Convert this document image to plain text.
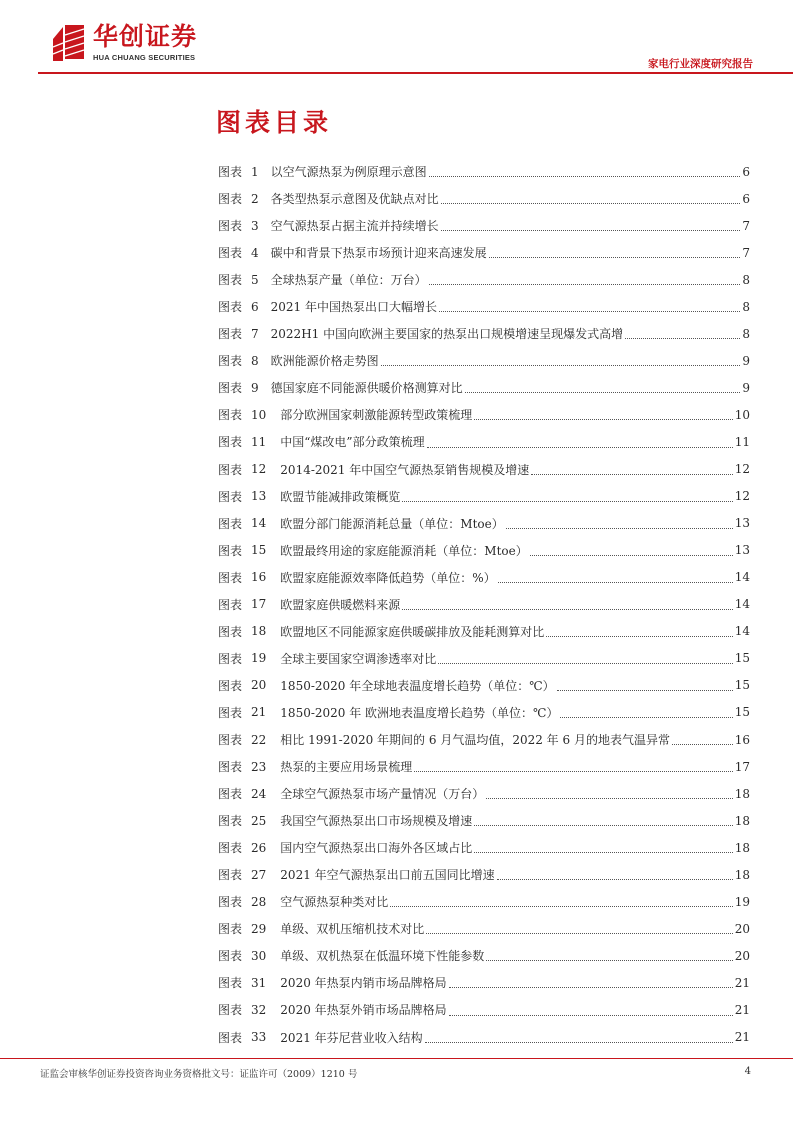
华创证券
HUA CHUANG SECURITIES
家电行业深度研究报告
图表目录
图表 1 以空气源热泵为例原理示意图	6
图表 2 各类型热泵示意图及优缺点对比	6
图表 3 空气源热泵占据主流并持续增长	7
图表 4 碳中和背景下热泵市场预计迎来高速发展	7
图表 5 全球热泵产量（单位：万台）	8
图表 6 2021 年中国热泵出口大幅增长	8
图表 7 2022H1 中国向欧洲主要国家的热泵出口规模增速呈现爆发式高增	8
图表 8 欧洲能源价格走势图	9
图表 9 德国家庭不同能源供暖价格测算对比	9
图表 10 部分欧洲国家刺激能源转型政策梳理	10
图表 11 中国“煤改电”部分政策梳理	11
图表 12 2014-2021 年中国空气源热泵销售规模及增速	12
图表 13 欧盟节能减排政策概览	12
图表 14 欧盟分部门能源消耗总量（单位：Mtoe）	13
图表 15 欧盟最终用途的家庭能源消耗（单位：Mtoe）	13
图表 16 欧盟家庭能源效率降低趋势（单位：%）	14
图表 17 欧盟家庭供暖燃料来源	14
图表 18 欧盟地区不同能源家庭供暖碳排放及能耗测算对比	14
图表 19 全球主要国家空调渗透率对比	15
图表 20 1850-2020 年全球地表温度增长趋势（单位：℃）	15
图表 21 1850-2020 年 欧洲地表温度增长趋势（单位：℃）	15
图表 22 相比 1991-2020 年期间的 6 月气温均值，2022 年 6 月的地表气温异常	16
图表 23 热泵的主要应用场景梳理	17
图表 24 全球空气源热泵市场产量情况（万台）	18
图表 25 我国空气源热泵出口市场规模及增速	18
图表 26 国内空气源热泵出口海外各区域占比	18
图表 27 2021 年空气源热泵出口前五国同比增速	18
图表 28 空气源热泵种类对比	19
图表 29 单级、双机压缩机技术对比	20
图表 30 单级、双机热泵在低温环境下性能参数	20
图表 31 2020 年热泵内销市场品牌格局	21
图表 32 2020 年热泵外销市场品牌格局	21
图表 33 2021 年芬尼营业收入结构	21
证监会审核华创证券投资咨询业务资格批文号：证监许可（2009）1210 号	4
